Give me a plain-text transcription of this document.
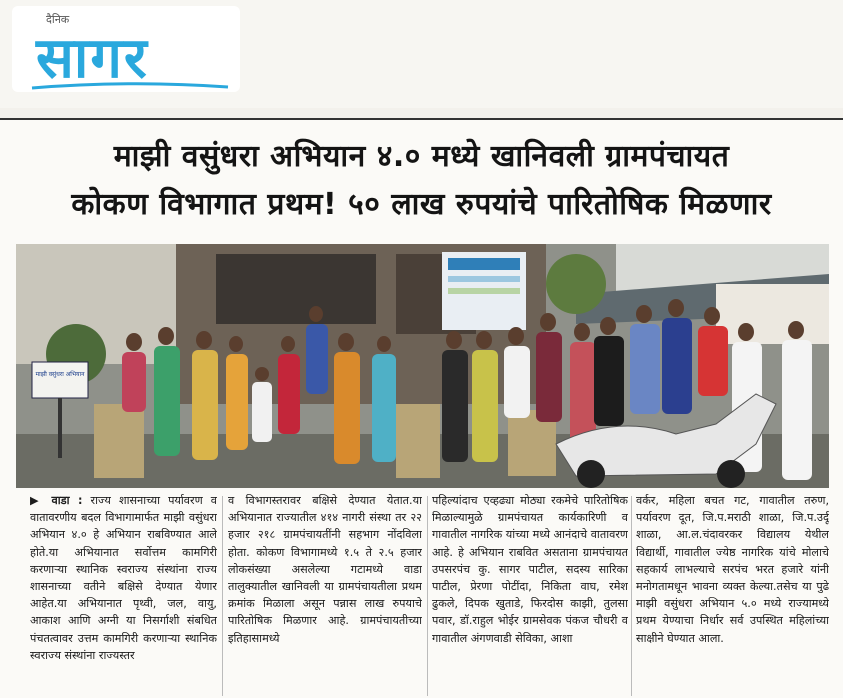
दैनिक
सागर
माझी वसुंधरा अभियान ४.० मध्ये खानिवली ग्रामपंचायत
कोकण विभागात प्रथम! ५० लाख रुपयांचे पारितोषिक मिळणार
माझी वसुंधरा अभियान
▶ वाडा : राज्य शासनाच्या पर्यावरण व वातावरणीय बदल विभागामार्फत माझी वसुंधरा अभियान ४.० हे अभियान राबविण्यात आले होते.या अभियानात सर्वोत्तम कामगिरी करणाऱ्या स्थानिक स्वराज्य संस्थांना राज्य शासनाच्या वतीने बक्षिसे देण्यात येणार आहेत.या अभियानात पृथ्वी, जल, वायु, आकाश आणि अग्नी या निसर्गाशी संबधित पंचतत्वावर उत्तम कामगिरी करणाऱ्या स्थानिक स्वराज्य संस्थांना राज्यस्तर
व विभागस्तरावर बक्षिसे देण्यात येतात.या अभियानात राज्यातील ४१४ नागरी संस्था तर २२ हजार २१८ ग्रामपंचायतींनी सहभाग नोंदविला होता. कोकण विभागामध्ये १.५ ते २.५ हजार लोकसंख्या असलेल्या गटामध्ये वाडा तालुक्यातील खानिवली या ग्रामपंचायतीला प्रथम क्रमांक मिळाला असून पन्नास लाख रुपयाचे पारितोषिक मिळणार आहे. ग्रामपंचायतीच्या इतिहासामध्ये
पहिल्यांदाच एव्हढ्या मोठ्या रकमेचे पारितोषिक मिळाल्यामुळे ग्रामपंचायत कार्यकारिणी व गावातील नागरिक यांच्या मध्ये आनंदाचे वातावरण आहे. हे अभियान राबवित असताना ग्रामपंचायत उपसरपंच कु. सागर पाटील, सदस्य सारिका पाटील, प्रेरणा पोटींदा, निकिता वाघ, रमेश ढुकले, दिपक खुताडे, फिरदोस काझी, तुलसा पवार, डॉ.राहुल भोईर ग्रामसेवक पंकज चौधरी व गावातील अंगणवाडी सेविका, आशा
वर्कर, महिला बचत गट, गावातील तरुण, पर्यावरण दूत, जि.प.मराठी शाळा, जि.प.उर्दू शाळा, आ.ल.चंदावरकर विद्यालय येथील विद्यार्थी, गावातील ज्येष्ठ नागरिक यांचे मोलाचे सहकार्य लाभल्याचे सरपंच भरत हजारे यांनी मनोगतामधून भावना व्यक्त केल्या.तसेच या पुढे माझी वसुंधरा अभियान ५.० मध्ये राज्यामध्ये प्रथम येण्याचा निर्धार सर्व उपस्थित महिलांच्या साक्षीने घेण्यात आला.
